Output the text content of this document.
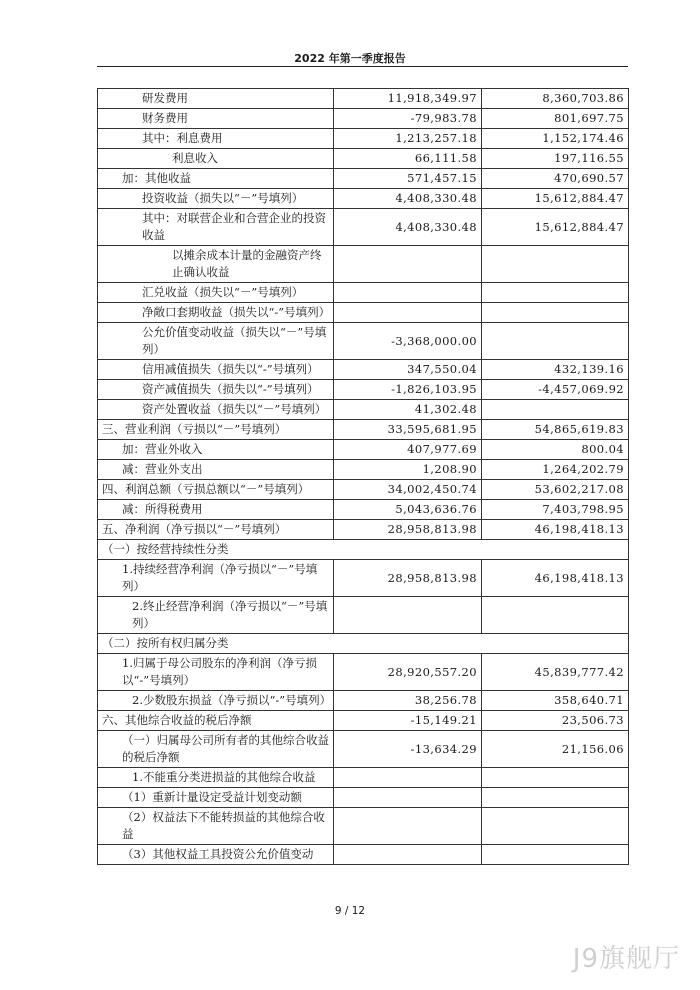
2022 年第一季度报告
研发费用	11,918,349.97	8,360,703.86
财务费用	-79,983.78	801,697.75
其中：利息费用	1,213,257.18	1,152,174.46
利息收入	66,111.58	197,116.55
加：其他收益	571,457.15	470,690.57
投资收益（损失以“－”号填列）	4,408,330.48	15,612,884.47
其中：对联营企业和合营企业的投资收益	4,408,330.48	15,612,884.47
以摊余成本计量的金融资产终止确认收益		
汇兑收益（损失以“－”号填列）		
净敞口套期收益（损失以“-”号填列）		
公允价值变动收益（损失以“－”号填列）	-3,368,000.00	
信用减值损失（损失以“-”号填列）	347,550.04	432,139.16
资产减值损失（损失以“-”号填列）	-1,826,103.95	-4,457,069.92
资产处置收益（损失以“－”号填列）	41,302.48	
三、营业利润（亏损以“－”号填列）	33,595,681.95	54,865,619.83
加：营业外收入	407,977.69	800.04
减：营业外支出	1,208.90	1,264,202.79
四、利润总额（亏损总额以“－”号填列）	34,002,450.74	53,602,217.08
减：所得税费用	5,043,636.76	7,403,798.95
五、净利润（净亏损以“－”号填列）	28,958,813.98	46,198,418.13
（一）按经营持续性分类		
1.持续经营净利润（净亏损以“－”号填列）	28,958,813.98	46,198,418.13
2.终止经营净利润（净亏损以“－”号填列）		
（二）按所有权归属分类		
1.归属于母公司股东的净利润（净亏损以“-”号填列）	28,920,557.20	45,839,777.42
2.少数股东损益（净亏损以“-”号填列）	38,256.78	358,640.71
六、其他综合收益的税后净额	-15,149.21	23,506.73
（一）归属母公司所有者的其他综合收益的税后净额	-13,634.29	21,156.06
1.不能重分类进损益的其他综合收益		
（1）重新计量设定受益计划变动额		
（2）权益法下不能转损益的其他综合收益		
（3）其他权益工具投资公允价值变动		
9 / 12
J9旗舰厅
